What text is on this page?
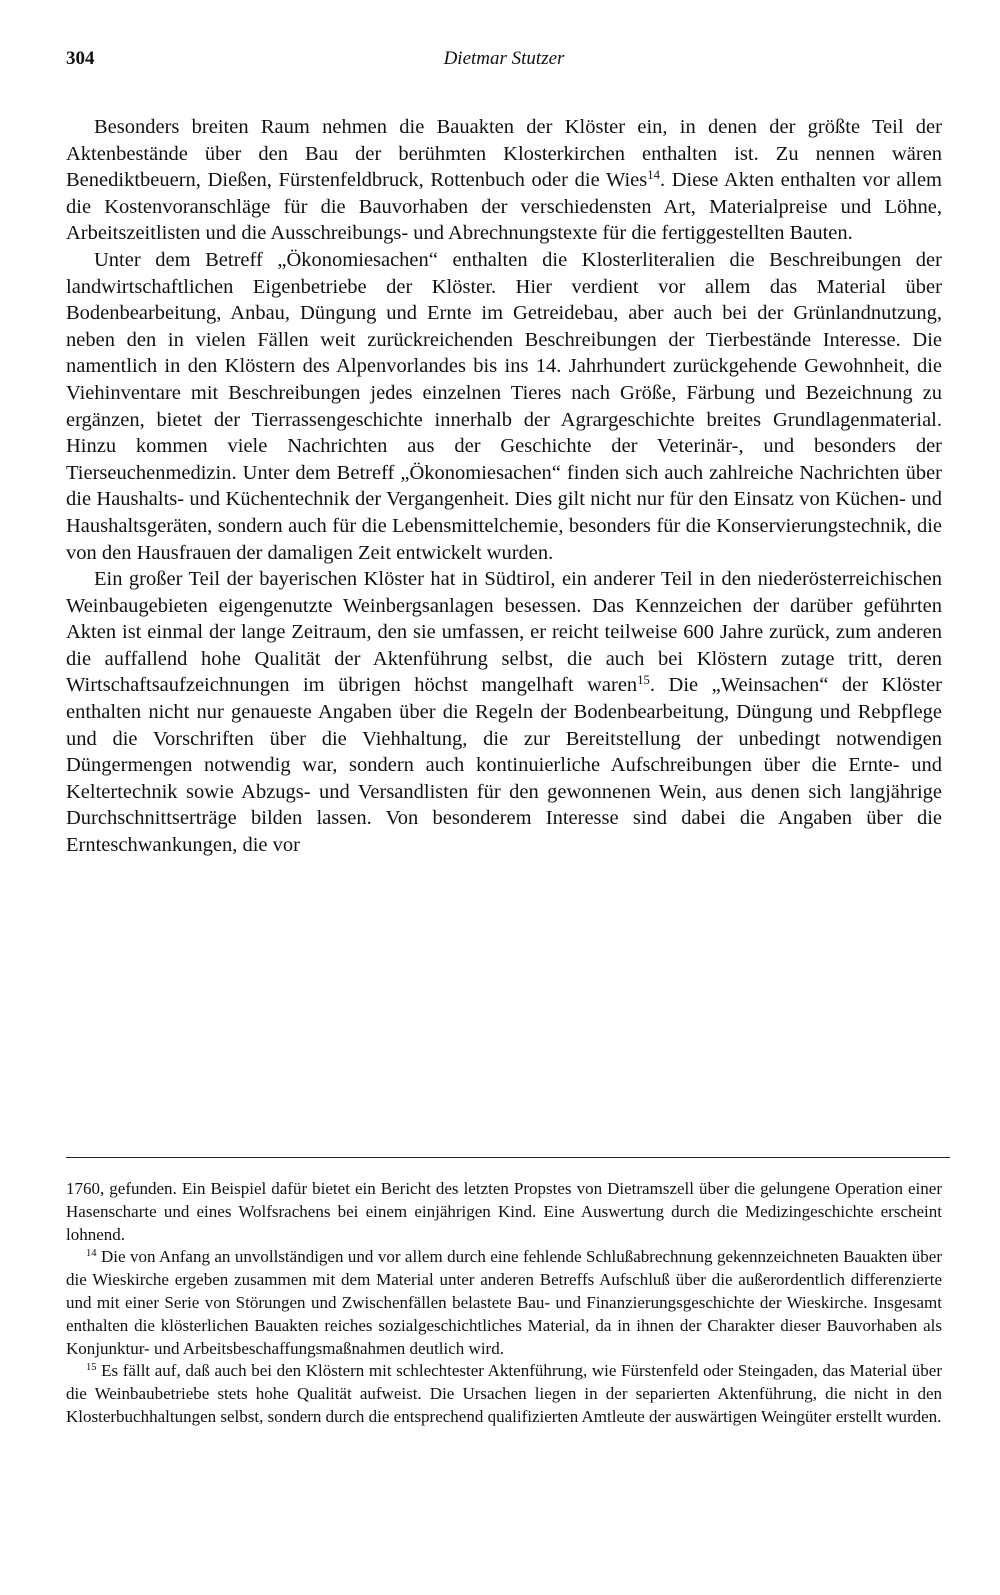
304	Dietmar Stutzer

Besonders breiten Raum nehmen die Bauakten der Klöster ein, in denen der größte Teil der Aktenbestände über den Bau der berühmten Klosterkirchen enthalten ist. Zu nennen wären Benediktbeuern, Dießen, Fürstenfeldbruck, Rottenbuch oder die Wies$^{14}$. Diese Akten enthalten vor allem die Kostenvoranschläge für die Bauvorhaben der verschiedensten Art, Materialpreise und Löhne, Arbeitszeitlisten und die Ausschreibungs- und Abrechnungstexte für die fertiggestellten Bauten.

Unter dem Betreff „Ökonomiesachen“ enthalten die Klosterliteralien die Beschreibungen der landwirtschaftlichen Eigenbetriebe der Klöster. Hier verdient vor allem das Material über Bodenbearbeitung, Anbau, Düngung und Ernte im Getreidebau, aber auch bei der Grünlandnutzung, neben den in vielen Fällen weit zurückreichenden Beschreibungen der Tierbestände Interesse. Die namentlich in den Klöstern des Alpenvorlandes bis ins 14. Jahrhundert zurückgehende Gewohnheit, die Viehinventare mit Beschreibungen jedes einzelnen Tieres nach Größe, Färbung und Bezeichnung zu ergänzen, bietet der Tierrassengeschichte innerhalb der Agrargeschichte breites Grundlagenmaterial. Hinzu kommen viele Nachrichten aus der Geschichte der Veterinär-, und besonders der Tierseuchenmedizin. Unter dem Betreff „Ökonomiesachen“ finden sich auch zahlreiche Nachrichten über die Haushalts- und Küchentechnik der Vergangenheit. Dies gilt nicht nur für den Einsatz von Küchen- und Haushaltsgeräten, sondern auch für die Lebensmittelchemie, besonders für die Konservierungstechnik, die von den Hausfrauen der damaligen Zeit entwickelt wurden.

Ein großer Teil der bayerischen Klöster hat in Südtirol, ein anderer Teil in den niederösterreichischen Weinbaugebieten eigengenutzte Weinbergsanlagen besessen. Das Kennzeichen der darüber geführten Akten ist einmal der lange Zeitraum, den sie umfassen, er reicht teilweise 600 Jahre zurück, zum anderen die auffallend hohe Qualität der Aktenführung selbst, die auch bei Klöstern zutage tritt, deren Wirtschaftsaufzeichnungen im übrigen höchst mangelhaft waren$^{15}$. Die „Weinsachen“ der Klöster enthalten nicht nur genaueste Angaben über die Regeln der Bodenbearbeitung, Düngung und Rebpflege und die Vorschriften über die Viehhaltung, die zur Bereitstellung der unbedingt notwendigen Düngermengen notwendig war, sondern auch kontinuierliche Aufschreibungen über die Ernte- und Keltertechnik sowie Abzugs- und Versandlisten für den gewonnenen Wein, aus denen sich langjährige Durchschnittserträge bilden lassen. Von besonderem Interesse sind dabei die Angaben über die Ernteschwankungen, die vor

1760, gefunden. Ein Beispiel dafür bietet ein Bericht des letzten Propstes von Dietramszell über die gelungene Operation einer Hasenscharte und eines Wolfsrachens bei einem einjährigen Kind. Eine Auswertung durch die Medizingeschichte erscheint lohnend.

$^{14}$ Die von Anfang an unvollständigen und vor allem durch eine fehlende Schlußabrechnung gekennzeichneten Bauakten über die Wieskirche ergeben zusammen mit dem Material unter anderen Betreffs Aufschluß über die außerordentlich differenzierte und mit einer Serie von Störungen und Zwischenfällen belastete Bau- und Finanzierungsgeschichte der Wieskirche. Insgesamt enthalten die klösterlichen Bauakten reiches sozialgeschichtliches Material, da in ihnen der Charakter dieser Bauvorhaben als Konjunktur- und Arbeitsbeschaffungsmaßnahmen deutlich wird.

$^{15}$ Es fällt auf, daß auch bei den Klöstern mit schlechtester Aktenführung, wie Fürstenfeld oder Steingaden, das Material über die Weinbaubetriebe stets hohe Qualität aufweist. Die Ursachen liegen in der separierten Aktenführung, die nicht in den Klosterbuchhaltungen selbst, sondern durch die entsprechend qualifizierten Amtleute der auswärtigen Weingüter erstellt wurden.
